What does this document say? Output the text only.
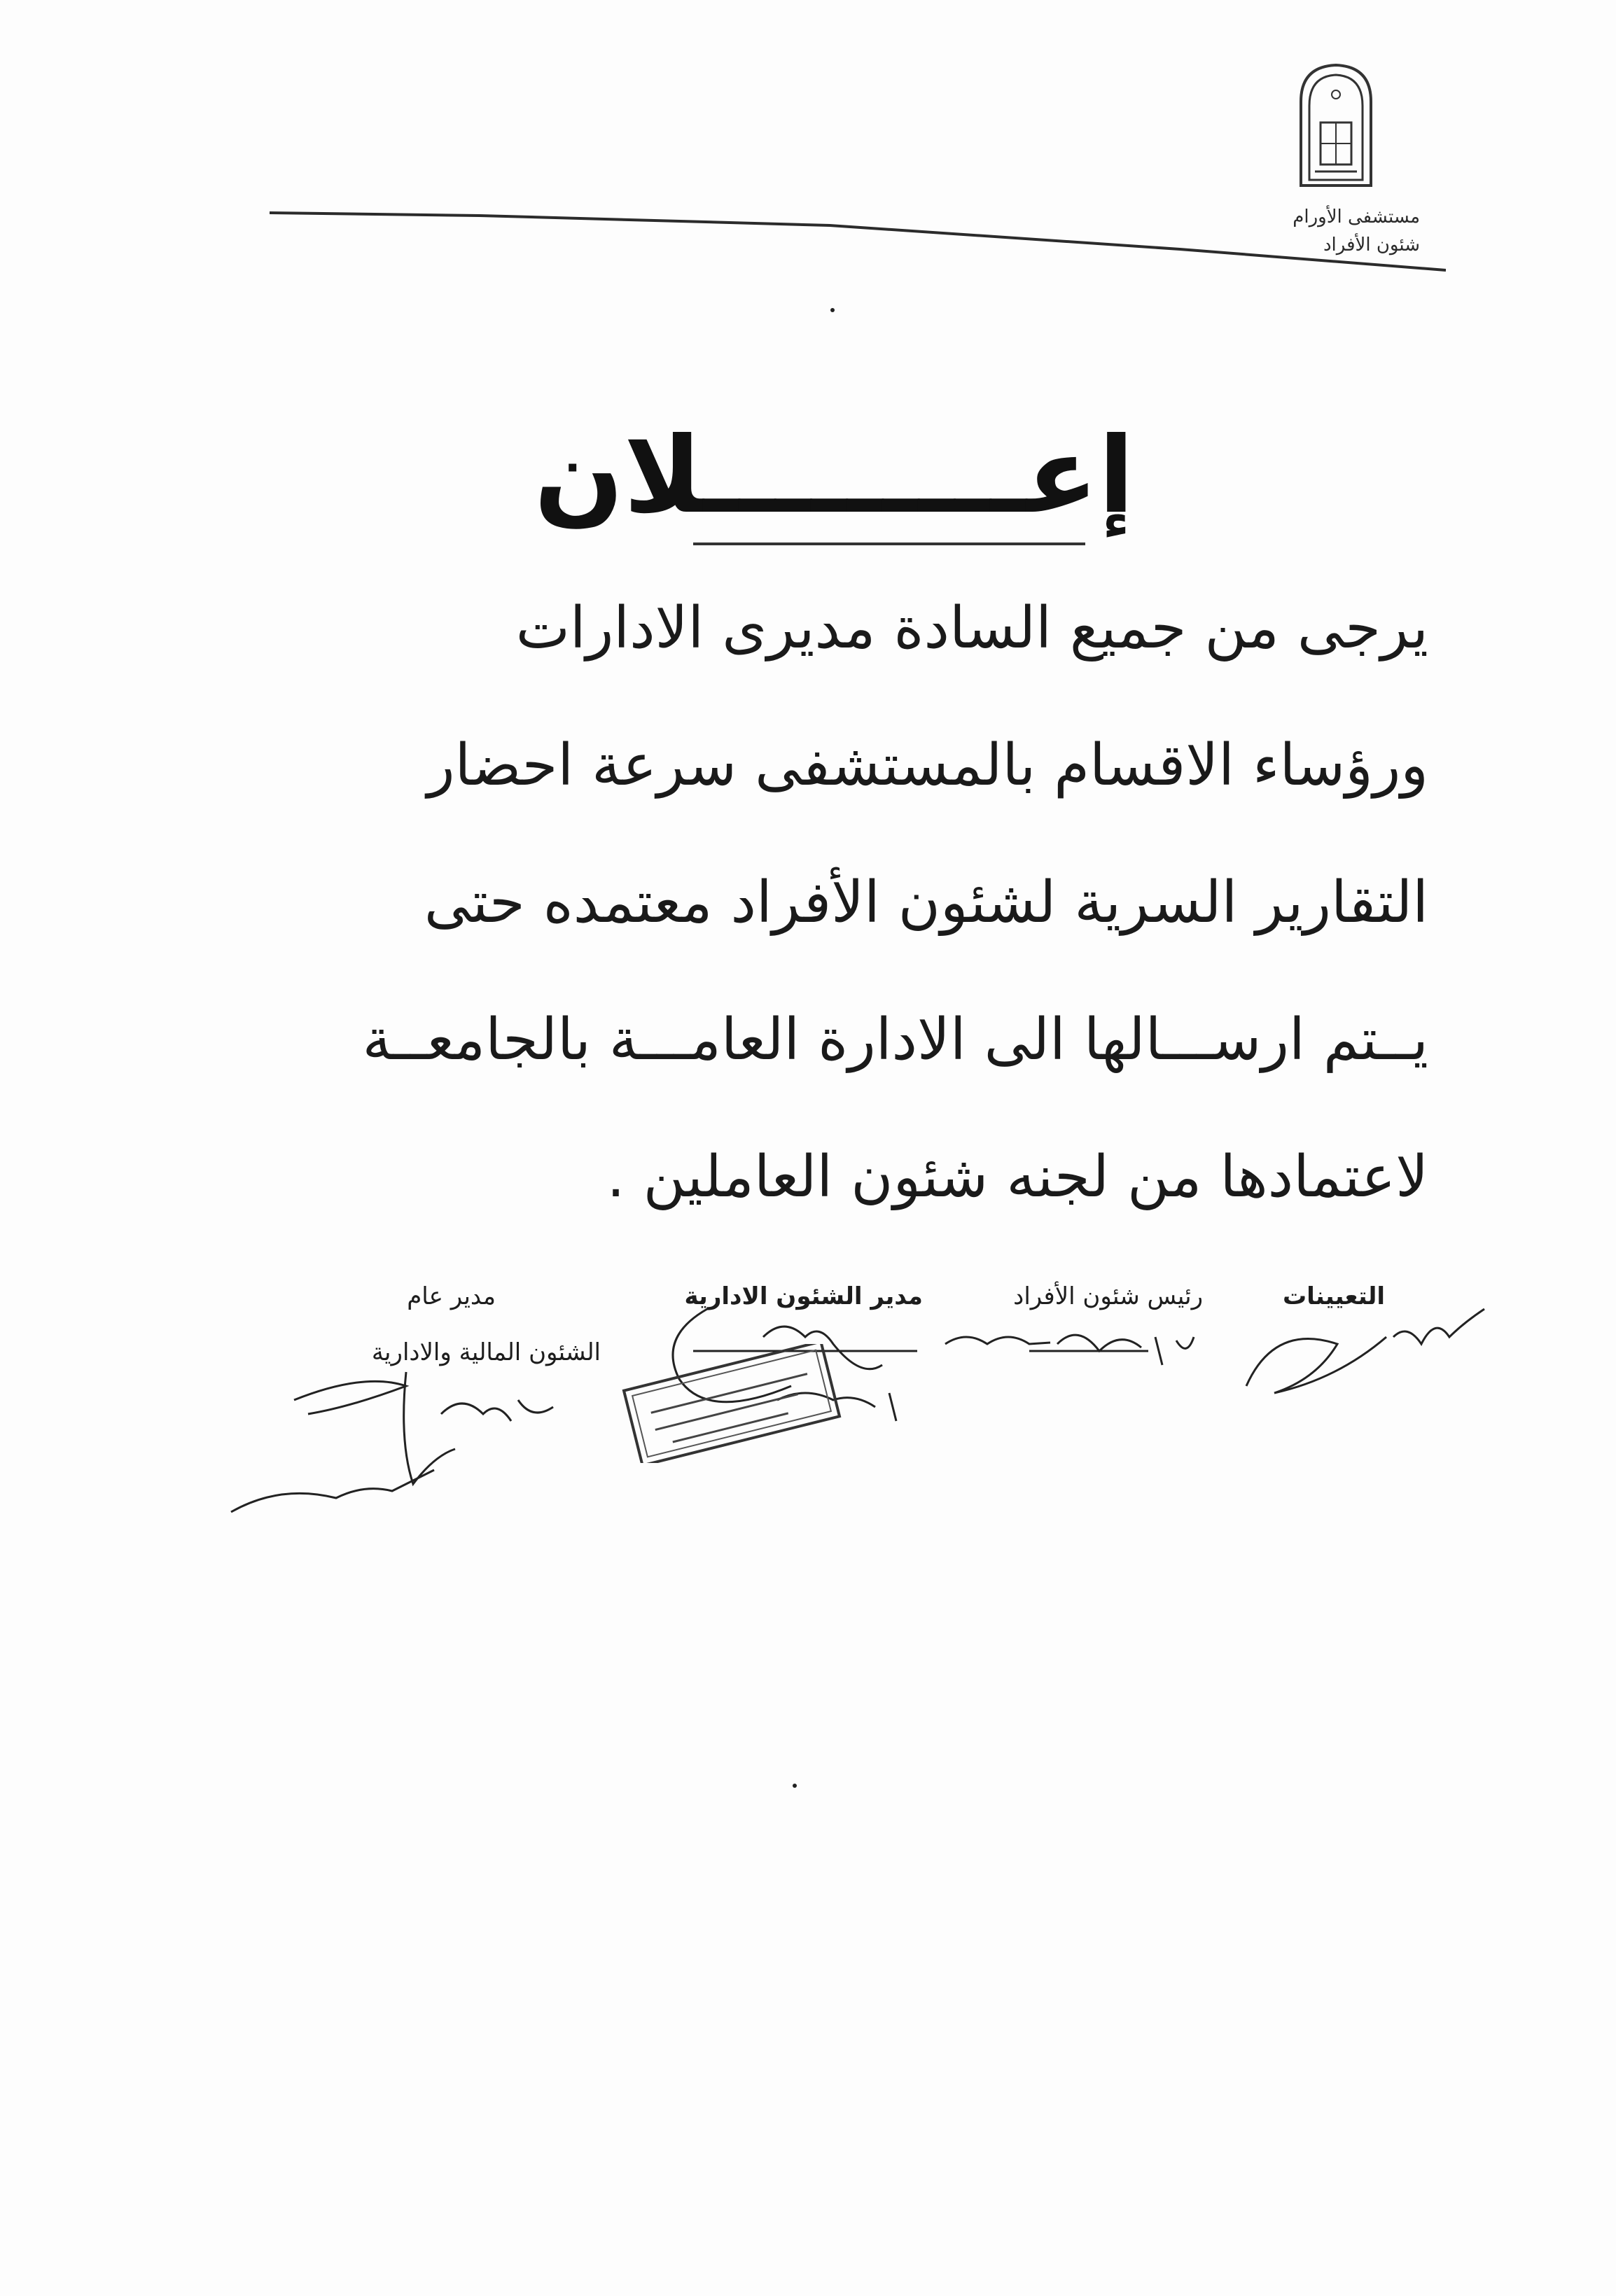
مستشفى الأورام
شئون الأفراد
إعـــــــــلان
يرجى من جميع السادة مديرى الادارات
ورؤساء الاقسام بالمستشفى سرعة احضار
التقارير السرية لشئون الأفراد معتمده حتى
يــتم ارســـالها الى الادارة العامـــة بالجامعــة
لاعتمادها من لجنه شئون العاملين .
التعيينات
رئيس شئون الأفراد
مدير الشئون الادارية
مدير عام
الشئون المالية والادارية
